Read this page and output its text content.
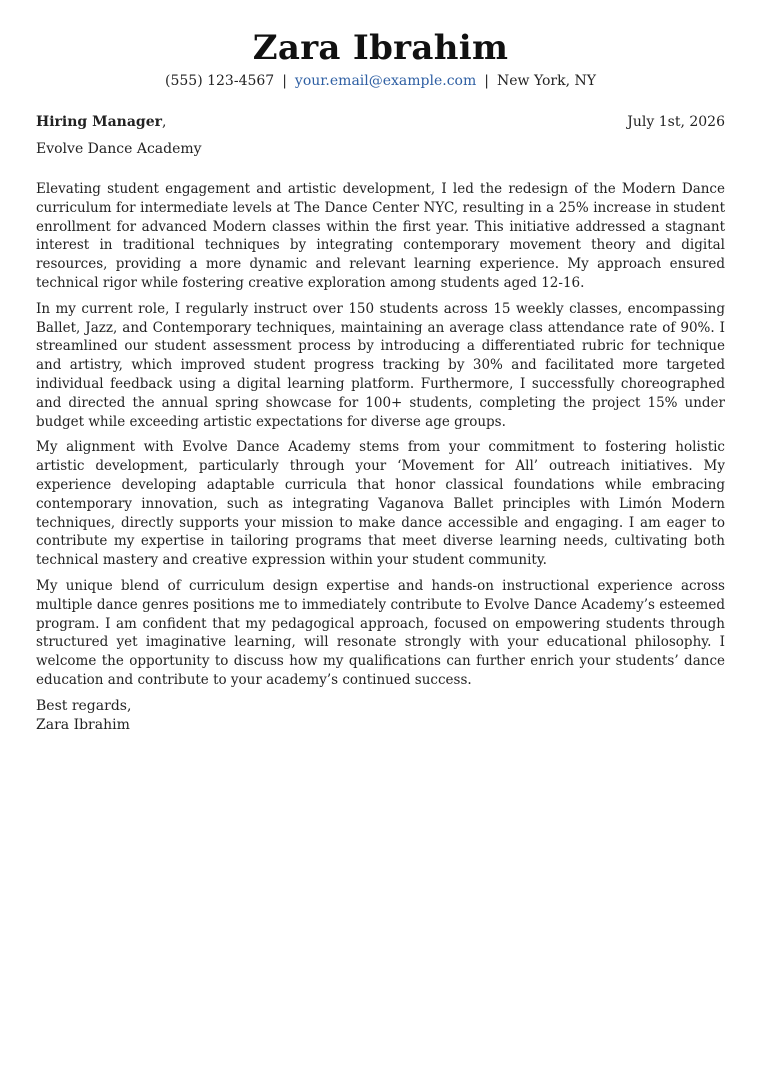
Zara Ibrahim
(555) 123-4567 | your.email@example.com | New York, NY
Hiring Manager,	July 1st, 2026
Evolve Dance Academy

Elevating student engagement and artistic development, I led the redesign of the Modern Dance curriculum for intermediate levels at The Dance Center NYC, resulting in a 25% increase in student enrollment for advanced Modern classes within the first year. This initiative addressed a stagnant interest in traditional techniques by integrating contemporary movement theory and digital resources, providing a more dynamic and relevant learning experience. My approach ensured technical rigor while fostering creative exploration among students aged 12-16.

In my current role, I regularly instruct over 150 students across 15 weekly classes, encompassing Ballet, Jazz, and Contemporary techniques, maintaining an average class attendance rate of 90%. I streamlined our student assessment process by introducing a differentiated rubric for technique and artistry, which improved student progress tracking by 30% and facilitated more targeted individual feedback using a digital learning platform. Furthermore, I successfully choreographed and directed the annual spring showcase for 100+ students, completing the project 15% under budget while exceeding artistic expectations for diverse age groups.

My alignment with Evolve Dance Academy stems from your commitment to fostering holistic artistic development, particularly through your ‘Movement for All’ outreach initiatives. My experience developing adaptable curricula that honor classical foundations while embracing contemporary innovation, such as integrating Vaganova Ballet principles with Limón Modern techniques, directly supports your mission to make dance accessible and engaging. I am eager to contribute my expertise in tailoring programs that meet diverse learning needs, cultivating both technical mastery and creative expression within your student community.

My unique blend of curriculum design expertise and hands-on instructional experience across multiple dance genres positions me to immediately contribute to Evolve Dance Academy’s esteemed program. I am confident that my pedagogical approach, focused on empowering students through structured yet imaginative learning, will resonate strongly with your educational philosophy. I welcome the opportunity to discuss how my qualifications can further enrich your students’ dance education and contribute to your academy’s continued success.

Best regards,
Zara Ibrahim
